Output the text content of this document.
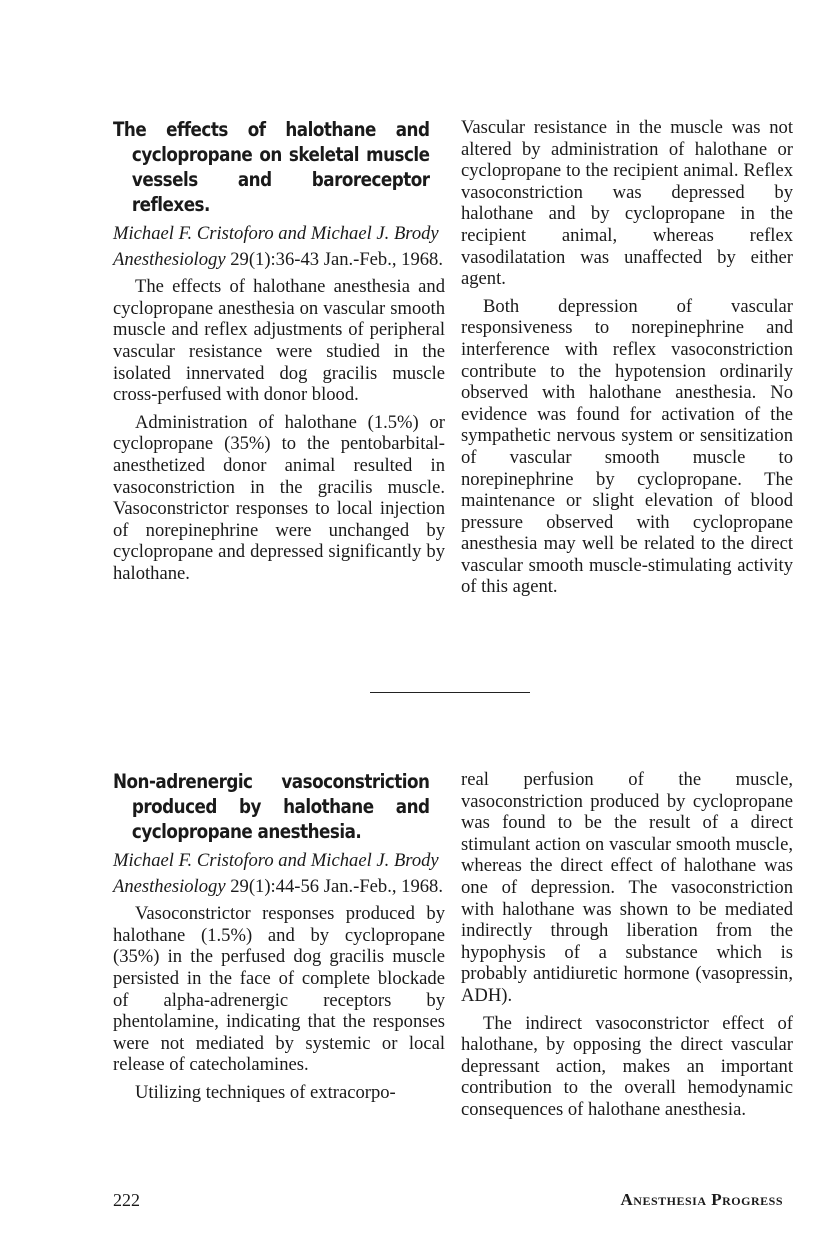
The effects of halothane and cyclopropane on skeletal muscle vessels and baroreceptor reflexes.
Michael F. Cristoforo and Michael J. Brody
Anesthesiology 29(1):36-43 Jan.-Feb., 1968.

The effects of halothane anesthesia and cyclopropane anesthesia on vascular smooth muscle and reflex adjustments of peripheral vascular resistance were studied in the isolated innervated dog gracilis muscle cross-perfused with donor blood.

Administration of halothane (1.5%) or cyclopropane (35%) to the pentobarbital-anesthetized donor animal resulted in vasoconstriction in the gracilis muscle. Vasoconstrictor responses to local injection of norepinephrine were unchanged by cyclopropane and depressed significantly by halothane.

Vascular resistance in the muscle was not altered by administration of halothane or cyclopropane to the recipient animal. Reflex vasoconstriction was depressed by halothane and by cyclopropane in the recipient animal, whereas reflex vasodilatation was unaffected by either agent.

Both depression of vascular responsiveness to norepinephrine and interference with reflex vasoconstriction contribute to the hypotension ordinarily observed with halothane anesthesia. No evidence was found for activation of the sympathetic nervous system or sensitization of vascular smooth muscle to norepinephrine by cyclopropane. The maintenance or slight elevation of blood pressure observed with cyclopropane anesthesia may well be related to the direct vascular smooth muscle-stimulating activity of this agent.

Non-adrenergic vasoconstriction produced by halothane and cyclopropane anesthesia.
Michael F. Cristoforo and Michael J. Brody
Anesthesiology 29(1):44-56 Jan.-Feb., 1968.

Vasoconstrictor responses produced by halothane (1.5%) and by cyclopropane (35%) in the perfused dog gracilis muscle persisted in the face of complete blockade of alpha-adrenergic receptors by phentolamine, indicating that the responses were not mediated by systemic or local release of catecholamines.

Utilizing techniques of extracorpo-

real perfusion of the muscle, vasoconstriction produced by cyclopropane was found to be the result of a direct stimulant action on vascular smooth muscle, whereas the direct effect of halothane was one of depression. The vasoconstriction with halothane was shown to be mediated indirectly through liberation from the hypophysis of a substance which is probably antidiuretic hormone (vasopressin, ADH).

The indirect vasoconstrictor effect of halothane, by opposing the direct vascular depressant action, makes an important contribution to the overall hemodynamic consequences of halothane anesthesia.

222	Anesthesia Progress
